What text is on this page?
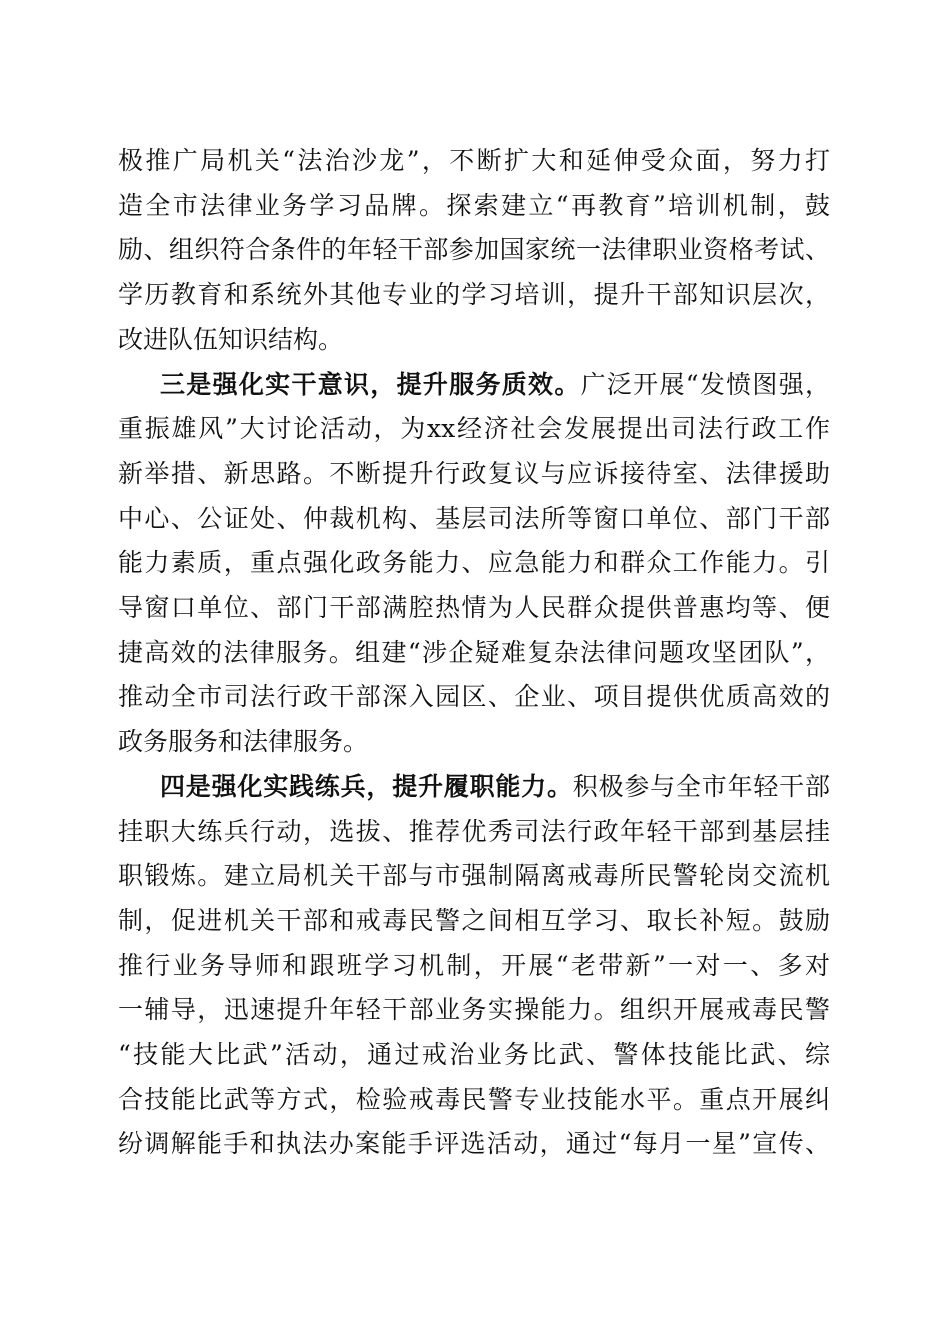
极推广局机关“法治沙龙”，不断扩大和延伸受众面，努力打
造全市法律业务学习品牌。探索建立“再教育”培训机制，鼓
励、组织符合条件的年轻干部参加国家统一法律职业资格考试、
学历教育和系统外其他专业的学习培训，提升干部知识层次，
改进队伍知识结构。
三是强化实干意识，提升服务质效。广泛开展“发愤图强，
重振雄风”大讨论活动，为xx经济社会发展提出司法行政工作
新举措、新思路。不断提升行政复议与应诉接待室、法律援助
中心、公证处、仲裁机构、基层司法所等窗口单位、部门干部
能力素质，重点强化政务能力、应急能力和群众工作能力。引
导窗口单位、部门干部满腔热情为人民群众提供普惠均等、便
捷高效的法律服务。组建“涉企疑难复杂法律问题攻坚团队”，
推动全市司法行政干部深入园区、企业、项目提供优质高效的
政务服务和法律服务。
四是强化实践练兵，提升履职能力。积极参与全市年轻干部
挂职大练兵行动，选拔、推荐优秀司法行政年轻干部到基层挂
职锻炼。建立局机关干部与市强制隔离戒毒所民警轮岗交流机
制，促进机关干部和戒毒民警之间相互学习、取长补短。鼓励
推行业务导师和跟班学习机制，开展“老带新”一对一、多对
一辅导，迅速提升年轻干部业务实操能力。组织开展戒毒民警
“技能大比武”活动，通过戒治业务比武、警体技能比武、综
合技能比武等方式，检验戒毒民警专业技能水平。重点开展纠
纷调解能手和执法办案能手评选活动，通过“每月一星”宣传、
